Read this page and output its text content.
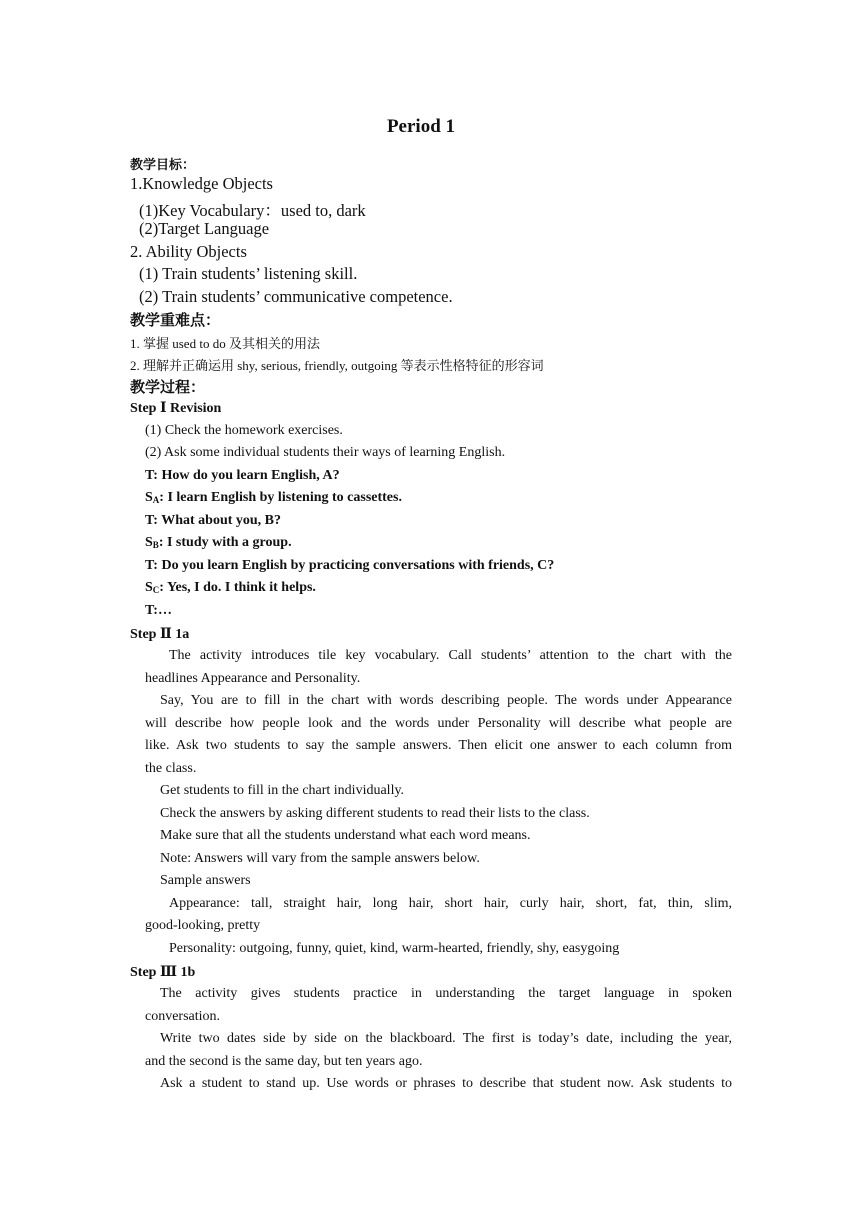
Period 1
教学目标：
1.Knowledge Objects
(1)Key Vocabulary：used to, dark
(2)Target Language
2. Ability Objects
(1) Train students’ listening skill.
(2) Train students’ communicative competence.
教学重难点：
1. 掌握 used to do 及其相关的用法
2. 理解并正确运用 shy, serious, friendly, outgoing 等表示性格特征的形容词
教学过程：
Step Ⅰ Revision
(1) Check the homework exercises.
(2) Ask some individual students their ways of learning English.
T: How do you learn English, A?
$S_A$: I learn English by listening to cassettes.
T: What about you, B?
$S_B$: I study with a group.
T: Do you learn English by practicing conversations with friends, C?
$S_C$: Yes, I do. I think it helps.
T:…
Step Ⅱ 1a
The activity introduces tile key vocabulary. Call students’ attention to the chart with the
headlines Appearance and Personality.
Say, You are to fill in the chart with words describing people. The words under Appearance
will describe how people look and the words under Personality will describe what people are
like. Ask two students to say the sample answers. Then elicit one answer to each column from
the class.
Get students to fill in the chart individually.
Check the answers by asking different students to read their lists to the class.
Make sure that all the students understand what each word means.
Note: Answers will vary from the sample answers below.
Sample answers
Appearance: tall, straight hair, long hair, short hair, curly hair, short, fat, thin, slim,
good-looking, pretty
Personality: outgoing, funny, quiet, kind, warm-hearted, friendly, shy, easygoing
Step Ⅲ 1b
The activity gives students practice in understanding the target language in spoken
conversation.
Write two dates side by side on the blackboard. The first is today’s date, including the year,
and the second is the same day, but ten years ago.
Ask a student to stand up. Use words or phrases to describe that student now. Ask students to
